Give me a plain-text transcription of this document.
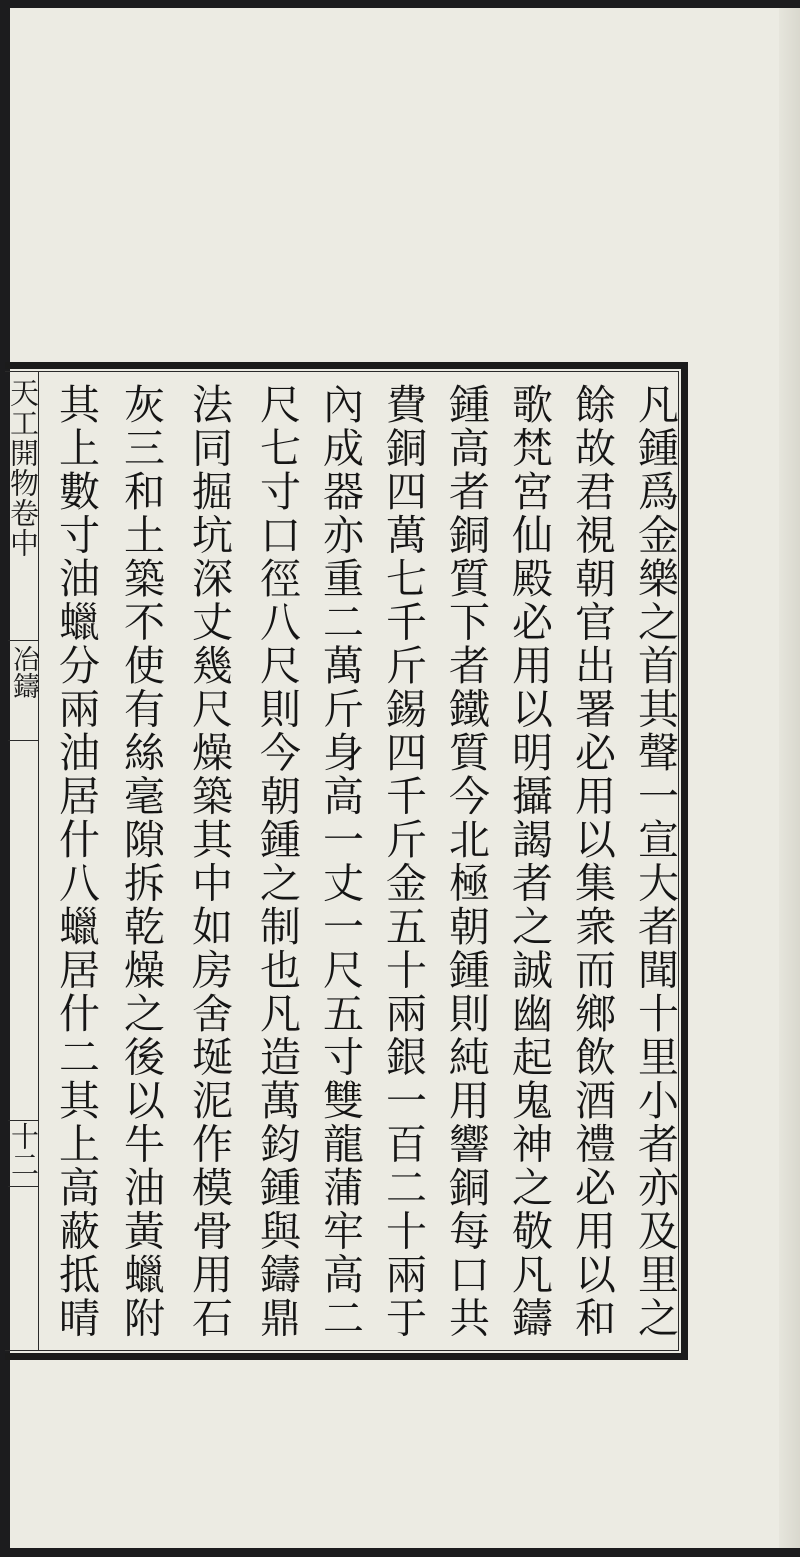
天工開物卷中
冶鑄
十二	凡鍾爲金樂之首其聲一宣大者聞十里小者亦及里之
餘故君視朝官出署必用以集衆而鄉飲酒禮必用以和
歌梵宮仙殿必用以明攝謁者之誠幽起鬼神之敬凡鑄
鍾高者銅質下者鐵質今北極朝鍾則純用響銅每口共
費銅四萬七千斤錫四千斤金五十兩銀一百二十兩于
內成器亦重二萬斤身高一丈一尺五寸雙龍蒲牢高二
尺七寸口徑八尺則今朝鍾之制也凡造萬鈞鍾與鑄鼎
法同掘坑深丈幾尺燥築其中如房舍埏泥作模骨用石
灰三和土築不使有絲毫隙拆乾燥之後以牛油黃蠟附
其上數寸油蠟分兩油居什八蠟居什二其上高蔽抵晴
